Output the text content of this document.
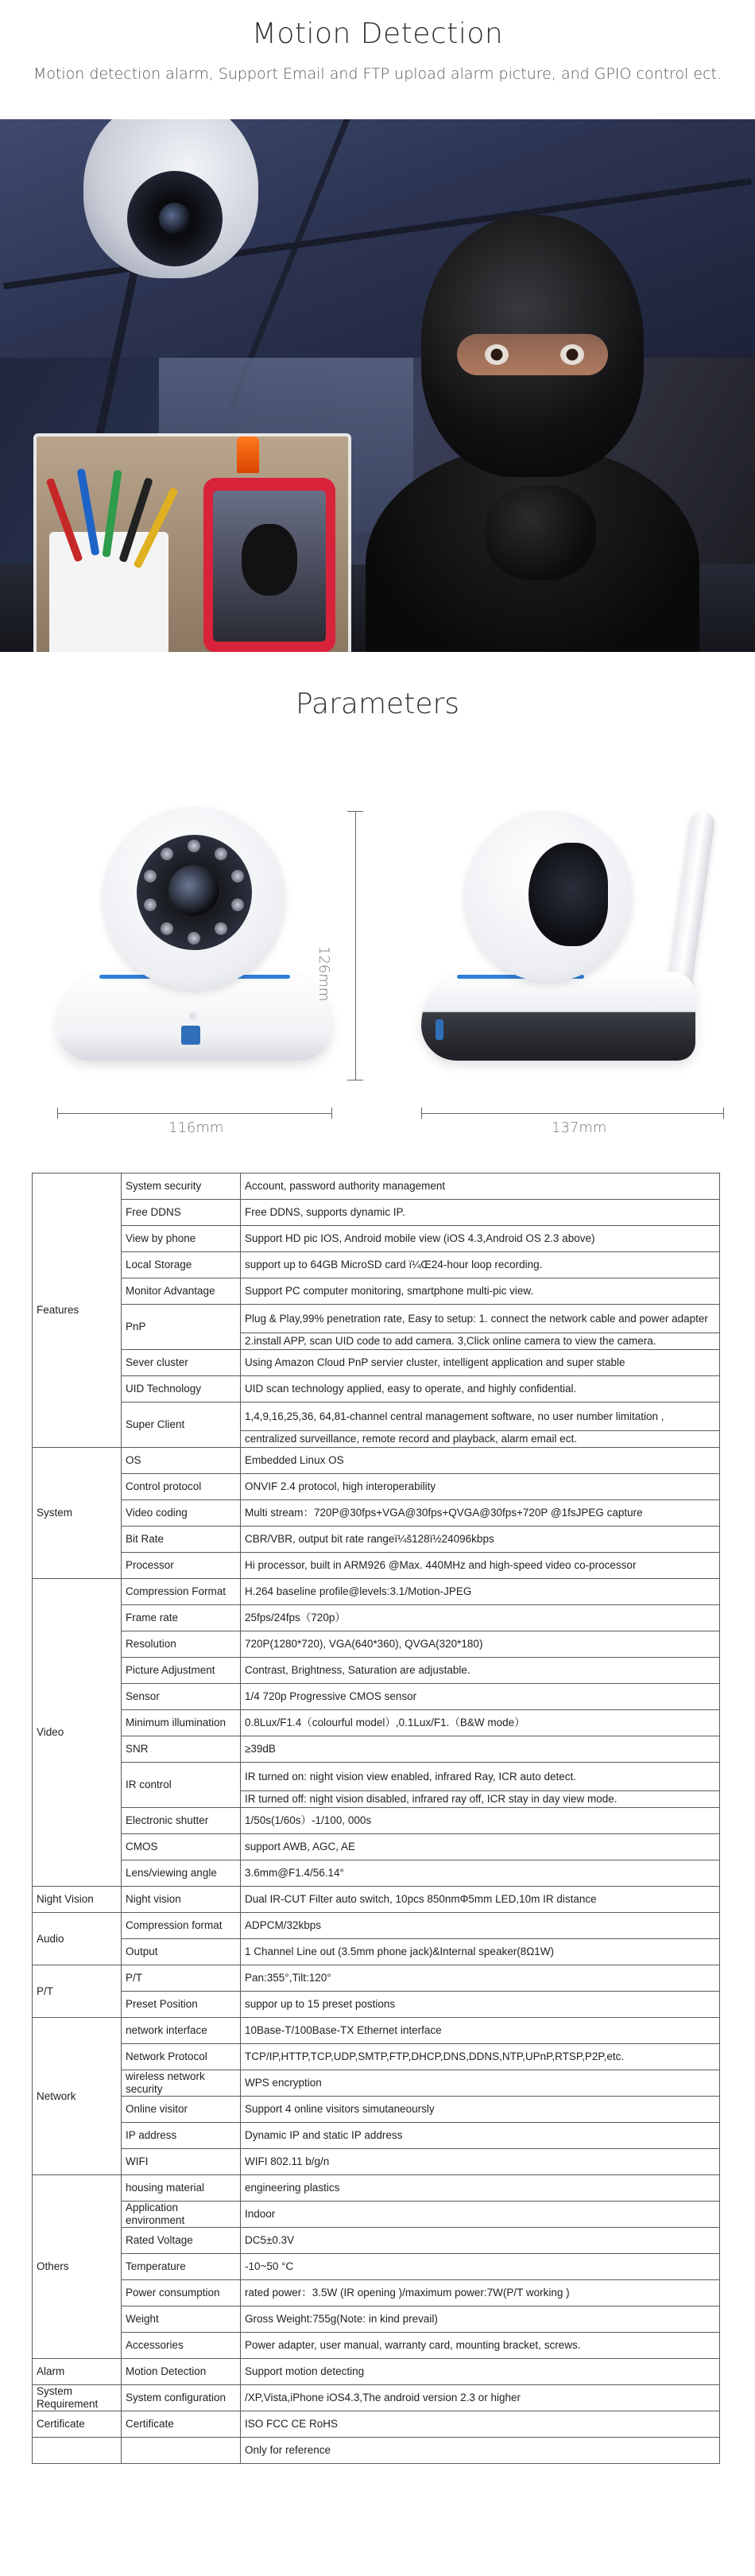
Motion Detection
Motion detection alarm, Support Email and FTP upload alarm picture, and GPIO control ect.
Parameters
126mm
116mm	137mm
Features	System security	Account, password authority management
	Free DDNS	Free DDNS, supports dynamic IP.
	View by phone	Support HD pic IOS, Android mobile view (iOS 4.3,Android OS 2.3 above)
	Local Storage	support up to 64GB MicroSD card ï¼Œ24-hour loop recording.
	Monitor Advantage	Support PC computer monitoring, smartphone multi-pic view.
	PnP	Plug & Play,99% penetration rate, Easy to setup: 1. connect the network cable and power adapter
		2.install APP, scan UID code to add camera. 3,Click online camera to view the camera.
	Sever cluster	Using Amazon Cloud PnP servier cluster, intelligent application and super stable
	UID Technology	UID scan technology applied, easy to operate, and highly confidential.
	Super Client	1,4,9,16,25,36, 64,81-channel central management software, no user number limitation ,
		centralized surveillance, remote record and playback, alarm email ect.
System	OS	Embedded Linux OS
	Control protocol	ONVIF 2.4 protocol, high interoperability
	Video coding	Multi stream：720P@30fps+VGA@30fps+QVGA@30fps+720P @1fsJPEG capture
	Bit Rate	CBR/VBR, output bit rate rangeï¼š128ï½24096kbps
	Processor	Hi processor, built in ARM926 @Max. 440MHz and high-speed video co-processor
Video	Compression Format	H.264 baseline profile@levels:3.1/Motion-JPEG
	Frame rate	25fps/24fps（720p）
	Resolution	720P(1280*720), VGA(640*360), QVGA(320*180)
	Picture Adjustment	Contrast, Brightness, Saturation are adjustable.
	Sensor	1/4 720p Progressive CMOS sensor
	Minimum illumination	0.8Lux/F1.4（colourful model）,0.1Lux/F1.（B&W mode）
	SNR	≥39dB
	IR control	IR turned on: night vision view enabled, infrared Ray, ICR auto detect.
		IR turned off: night vision disabled, infrared ray off, ICR stay in day view mode.
	Electronic shutter	1/50s(1/60s）-1/100, 000s
	CMOS	support AWB, AGC, AE
	Lens/viewing angle	3.6mm@F1.4/56.14°
Night Vision	Night vision	Dual IR-CUT Filter auto switch, 10pcs 850nmΦ5mm LED,10m IR distance
Audio	Compression format	ADPCM/32kbps
	Output	1 Channel Line out (3.5mm phone jack)&Internal speaker(8Ω1W)
P/T	P/T	Pan:355°,Tilt:120°
	Preset Position	suppor up to 15 preset postions
Network	network interface	10Base-T/100Base-TX Ethernet interface
	Network Protocol	TCP/IP,HTTP,TCP,UDP,SMTP,FTP,DHCP,DNS,DDNS,NTP,UPnP,RTSP,P2P,etc.
	wireless network security	WPS encryption
	Online visitor	Support 4 online visitors simutaneoursly
	IP address	Dynamic IP and static IP address
	WIFI	WIFI 802.11 b/g/n
Others	housing material	engineering plastics
	Application environment	Indoor
	Rated Voltage	DC5±0.3V
	Temperature	-10~50 °C
	Power consumption	rated power：3.5W (IR opening )/maximum power:7W(P/T working )
	Weight	Gross Weight:755g(Note: in kind prevail)
	Accessories	Power adapter, user manual, warranty card, mounting bracket, screws.
Alarm	Motion Detection	Support motion detecting
System Requirement	System configuration	/XP,Vista,iPhone iOS4.3,The android version 2.3 or higher
Certificate	Certificate	ISO FCC CE RoHS
		Only for reference
